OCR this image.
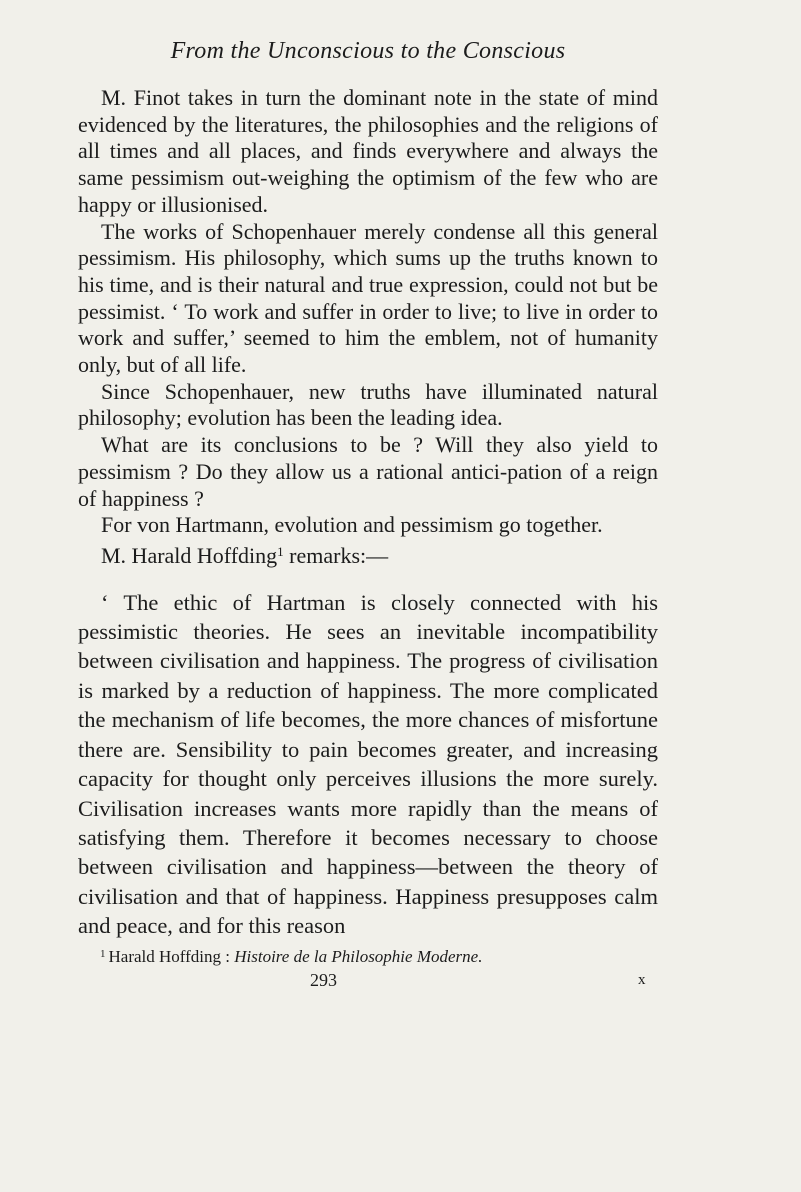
From the Unconscious to the Conscious

M. Finot takes in turn the dominant note in the state of mind evidenced by the literatures, the philosophies and the religions of all times and all places, and finds everywhere and always the same pessimism out-weighing the optimism of the few who are happy or illusionised.

The works of Schopenhauer merely condense all this general pessimism. His philosophy, which sums up the truths known to his time, and is their natural and true expression, could not but be pessimist. ‘ To work and suffer in order to live; to live in order to work and suffer,’ seemed to him the emblem, not of humanity only, but of all life.

Since Schopenhauer, new truths have illuminated natural philosophy; evolution has been the leading idea.

What are its conclusions to be ? Will they also yield to pessimism ? Do they allow us a rational antici-pation of a reign of happiness ?

For von Hartmann, evolution and pessimism go together.

M. Harald Hoffding$^1$ remarks:—

‘ The ethic of Hartman is closely connected with his pessimistic theories. He sees an inevitable incompatibility between civilisation and happiness. The progress of civilisation is marked by a reduction of happiness. The more complicated the mechanism of life becomes, the more chances of misfortune there are. Sensibility to pain becomes greater, and increasing capacity for thought only perceives illusions the more surely. Civilisation increases wants more rapidly than the means of satisfying them. Therefore it becomes necessary to choose between civilisation and happiness—between the theory of civilisation and that of happiness. Happiness presupposes calm and peace, and for this reason

$^1$ Harald Hoffding : Histoire de la Philosophie Moderne.
293	x
